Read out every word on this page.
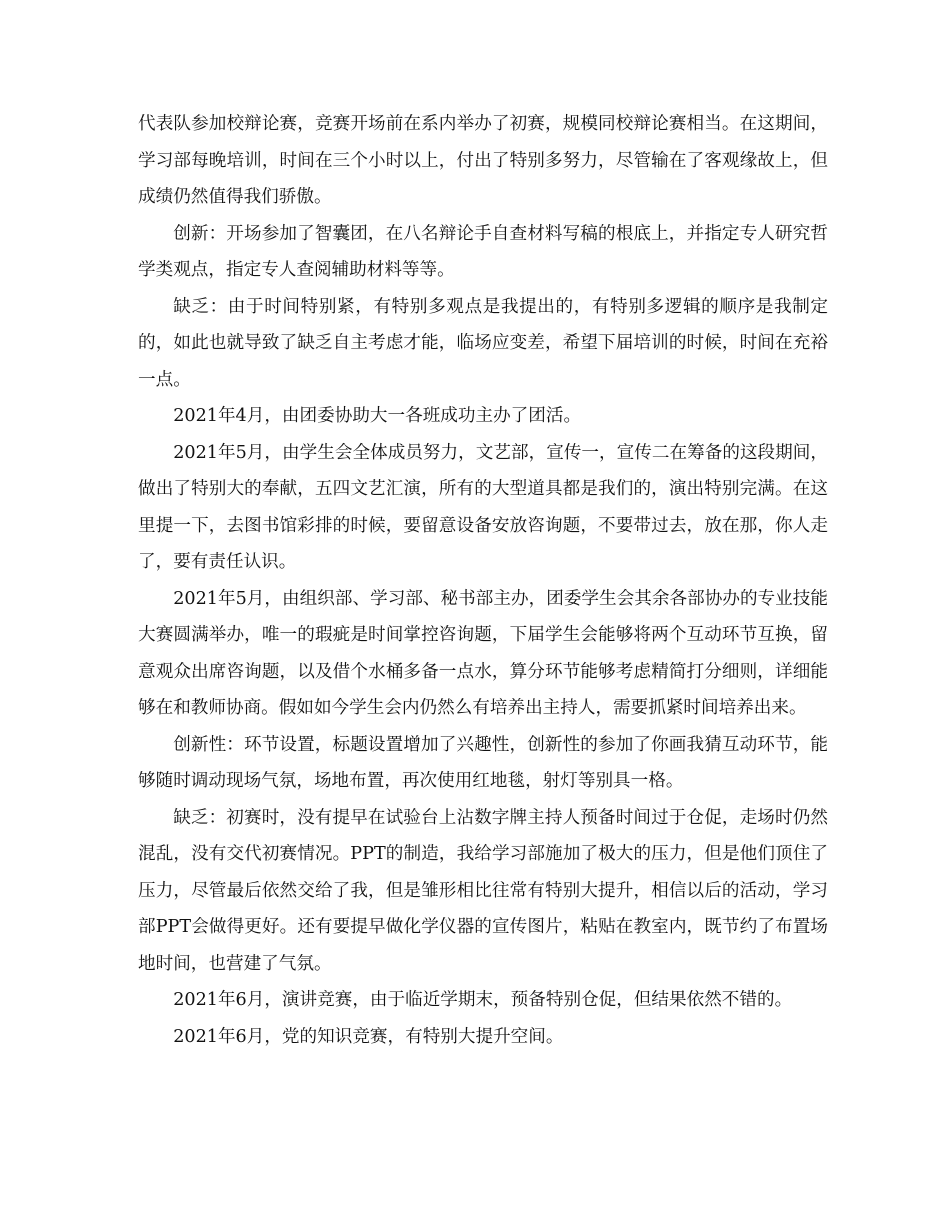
代表队参加校辩论赛，竞赛开场前在系内举办了初赛，规模同校辩论赛相当。在这期间，学习部每晚培训，时间在三个小时以上，付出了特别多努力，尽管输在了客观缘故上，但成绩仍然值得我们骄傲。

创新：开场参加了智囊团，在八名辩论手自查材料写稿的根底上，并指定专人研究哲学类观点，指定专人查阅辅助材料等等。

缺乏：由于时间特别紧，有特别多观点是我提出的，有特别多逻辑的顺序是我制定的，如此也就导致了缺乏自主考虑才能，临场应变差，希望下届培训的时候，时间在充裕一点。

2021年4月，由团委协助大一各班成功主办了团活。

2021年5月，由学生会全体成员努力，文艺部，宣传一，宣传二在筹备的这段期间，做出了特别大的奉献，五四文艺汇演，所有的大型道具都是我们的，演出特别完满。在这里提一下，去图书馆彩排的时候，要留意设备安放咨询题，不要带过去，放在那，你人走了，要有责任认识。

2021年5月，由组织部、学习部、秘书部主办，团委学生会其余各部协办的专业技能大赛圆满举办，唯一的瑕疵是时间掌控咨询题，下届学生会能够将两个互动环节互换，留意观众出席咨询题，以及借个水桶多备一点水，算分环节能够考虑精简打分细则，详细能够在和教师协商。假如如今学生会内仍然么有培养出主持人，需要抓紧时间培养出来。

创新性：环节设置，标题设置增加了兴趣性，创新性的参加了你画我猜互动环节，能够随时调动现场气氛，场地布置，再次使用红地毯，射灯等别具一格。

缺乏：初赛时，没有提早在试验台上沾数字牌主持人预备时间过于仓促，走场时仍然混乱，没有交代初赛情况。PPT的制造，我给学习部施加了极大的压力，但是他们顶住了压力，尽管最后依然交给了我，但是雏形相比往常有特别大提升，相信以后的活动，学习部PPT会做得更好。还有要提早做化学仪器的宣传图片，粘贴在教室内，既节约了布置场地时间，也营建了气氛。

2021年6月，演讲竞赛，由于临近学期末，预备特别仓促，但结果依然不错的。

2021年6月，党的知识竞赛，有特别大提升空间。
